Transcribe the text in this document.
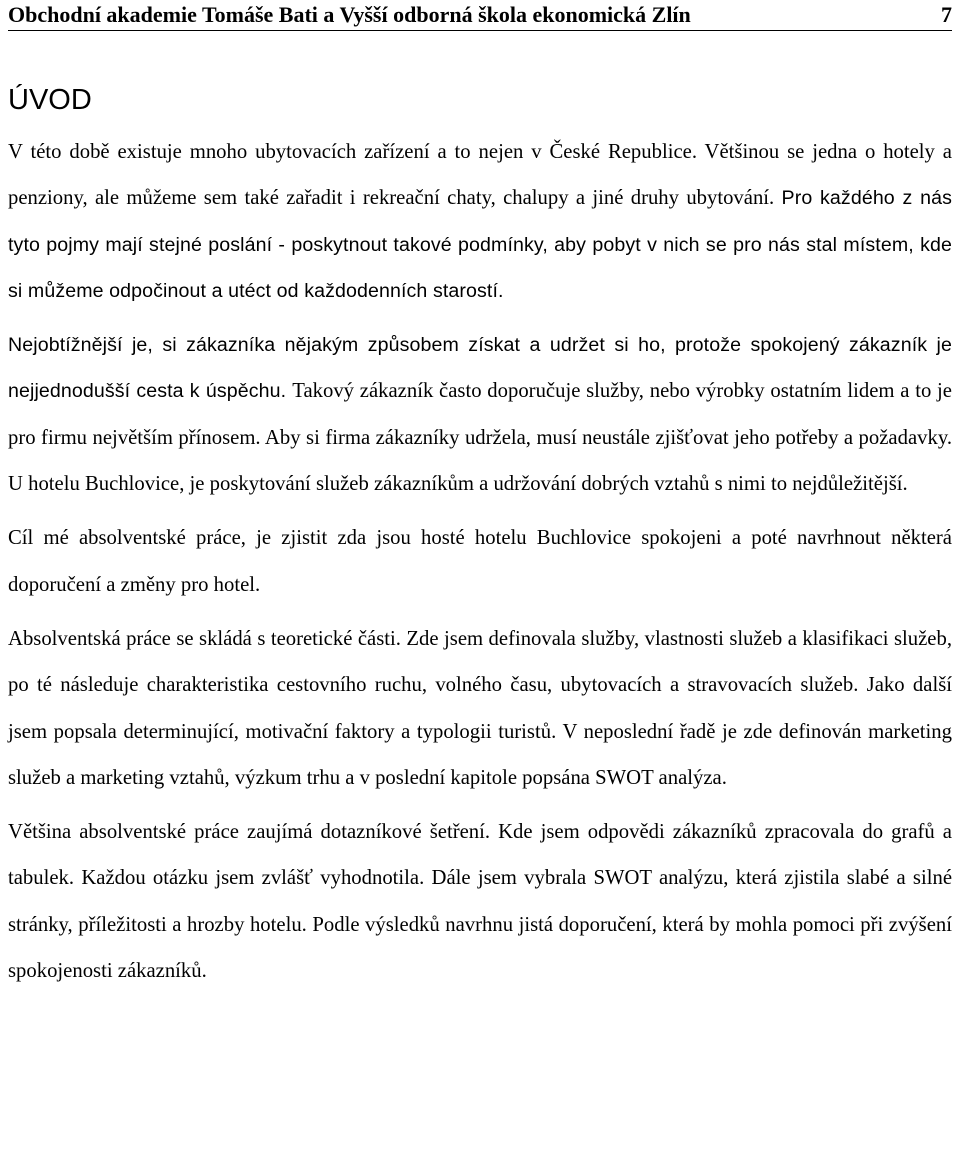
Obchodní akademie Tomáše Bati a Vyšší odborná škola ekonomická Zlín	7
ÚVOD

V této době existuje mnoho ubytovacích zařízení a to nejen v České Republice. Většinou se jedna o hotely a penziony, ale můžeme sem také zařadit i rekreační chaty, chalupy a jiné druhy ubytování. Pro každého z nás tyto pojmy mají stejné poslání - poskytnout takové podmínky, aby pobyt v nich se pro nás stal místem, kde si můžeme odpočinout a utéct od každodenních starostí.

Nejobtížnější je, si zákazníka nějakým způsobem získat a udržet si ho, protože spokojený zákazník je nejjednodušší cesta k úspěchu. Takový zákazník často doporučuje služby, nebo výrobky ostatním lidem a to je pro firmu největším přínosem. Aby si firma zákazníky udržela, musí neustále zjišťovat jeho potřeby a požadavky. U hotelu Buchlovice, je poskytování služeb zákazníkům a udržování dobrých vztahů s nimi to nejdůležitější.

Cíl mé absolventské práce, je zjistit zda jsou hosté hotelu Buchlovice spokojeni a poté navrhnout některá doporučení a změny pro hotel.

Absolventská práce se skládá s teoretické části. Zde jsem definovala služby, vlastnosti služeb a klasifikaci služeb, po té následuje charakteristika cestovního ruchu, volného času, ubytovacích a stravovacích služeb. Jako další jsem popsala determinující, motivační faktory a typologii turistů. V neposlední řadě je zde definován marketing služeb a marketing vztahů, výzkum trhu a v poslední kapitole popsána SWOT analýza.

Většina absolventské práce zaujímá dotazníkové šetření. Kde jsem odpovědi zákazníků zpracovala do grafů a tabulek. Každou otázku jsem zvlášť vyhodnotila. Dále jsem vybrala SWOT analýzu, která zjistila slabé a silné stránky, příležitosti a hrozby hotelu. Podle výsledků navrhnu jistá doporučení, která by mohla pomoci při zvýšení spokojenosti zákazníků.
